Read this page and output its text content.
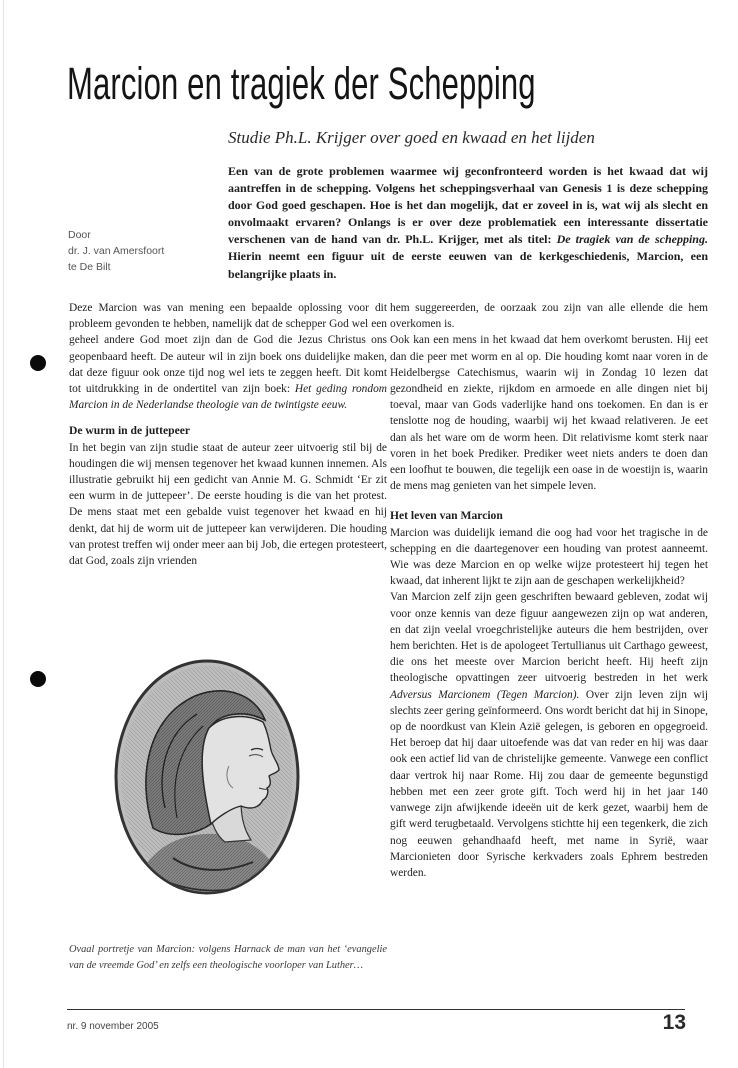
Marcion en tragiek der Schepping
Studie Ph.L. Krijger over goed en kwaad en het lijden
Door
dr. J. van Amersfoort
te De Bilt

Een van de grote problemen waarmee wij geconfronteerd worden is het kwaad dat wij aantreffen in de schepping. Volgens het scheppingsverhaal van Genesis 1 is deze schepping door God goed geschapen. Hoe is het dan mogelijk, dat er zoveel in is, wat wij als slecht en onvolmaakt ervaren? Onlangs is er over deze problematiek een interessante dissertatie verschenen van de hand van dr. Ph.L. Krijger, met als titel: De tragiek van de schepping. Hierin neemt een figuur uit de eerste eeuwen van de kerkgeschiedenis, Marcion, een belangrijke plaats in.

Deze Marcion was van mening een bepaalde oplossing voor dit probleem gevonden te hebben, namelijk dat de schepper God wel een geheel andere God moet zijn dan de God die Jezus Christus ons geopenbaard heeft. De auteur wil in zijn boek ons duidelijke maken, dat deze figuur ook onze tijd nog wel iets te zeggen heeft. Dit komt tot uitdrukking in de ondertitel van zijn boek: Het geding rondom Marcion in de Nederlandse theologie van de twintigste eeuw.

De wurm in de juttepeer

In het begin van zijn studie staat de auteur zeer uitvoerig stil bij de houdingen die wij mensen tegenover het kwaad kunnen innemen. Als illustratie gebruikt hij een gedicht van Annie M. G. Schmidt ‘Er zit een wurm in de juttepeer’. De eerste houding is die van het protest. De mens staat met een gebalde vuist tegenover het kwaad en hij denkt, dat hij de worm uit de juttepeer kan verwijderen. Die houding van protest treffen wij onder meer aan bij Job, die ertegen protesteert, dat God, zoals zijn vrienden

Ovaal portretje van Marcion: volgens Harnack de man van het ‘evangelie van de vreemde God’ en zelfs een theologische voorloper van Luther…

hem suggereerden, de oorzaak zou zijn van alle ellende die hem overkomen is.

Ook kan een mens in het kwaad dat hem overkomt berusten. Hij eet dan die peer met worm en al op. Die houding komt naar voren in de Heidelbergse Catechismus, waarin wij in Zondag 10 lezen dat gezondheid en ziekte, rijkdom en armoede en alle dingen niet bij toeval, maar van Gods vaderlijke hand ons toekomen. En dan is er tenslotte nog de houding, waarbij wij het kwaad relativeren. Je eet dan als het ware om de worm heen. Dit relativisme komt sterk naar voren in het boek Prediker. Prediker weet niets anders te doen dan een loofhut te bouwen, die tegelijk een oase in de woestijn is, waarin de mens mag genieten van het simpele leven.

Het leven van Marcion

Marcion was duidelijk iemand die oog had voor het tragische in de schepping en die daartegenover een houding van protest aanneemt. Wie was deze Marcion en op welke wijze protesteert hij tegen het kwaad, dat inherent lijkt te zijn aan de geschapen werkelijkheid?

Van Marcion zelf zijn geen geschriften bewaard gebleven, zodat wij voor onze kennis van deze figuur aangewezen zijn op wat anderen, en dat zijn veelal vroegchristelijke auteurs die hem bestrijden, over hem berichten. Het is de apologeet Tertullianus uit Carthago geweest, die ons het meeste over Marcion bericht heeft. Hij heeft zijn theologische opvattingen zeer uitvoerig bestreden in het werk Adversus Marcionem (Tegen Marcion). Over zijn leven zijn wij slechts zeer gering geïnformeerd. Ons wordt bericht dat hij in Sinope, op de noordkust van Klein Azië gelegen, is geboren en opgegroeid. Het beroep dat hij daar uitoefende was dat van reder en hij was daar ook een actief lid van de christelijke gemeente. Vanwege een conflict daar vertrok hij naar Rome. Hij zou daar de gemeente begunstigd hebben met een zeer grote gift. Toch werd hij in het jaar 140 vanwege zijn afwijkende ideeën uit de kerk gezet, waarbij hem de gift werd terugbetaald. Vervolgens stichtte hij een tegenkerk, die zich nog eeuwen gehandhaafd heeft, met name in Syrië, waar Marcionieten door Syrische kerkvaders zoals Ephrem bestreden werden.

nr. 9 november 2005	13
